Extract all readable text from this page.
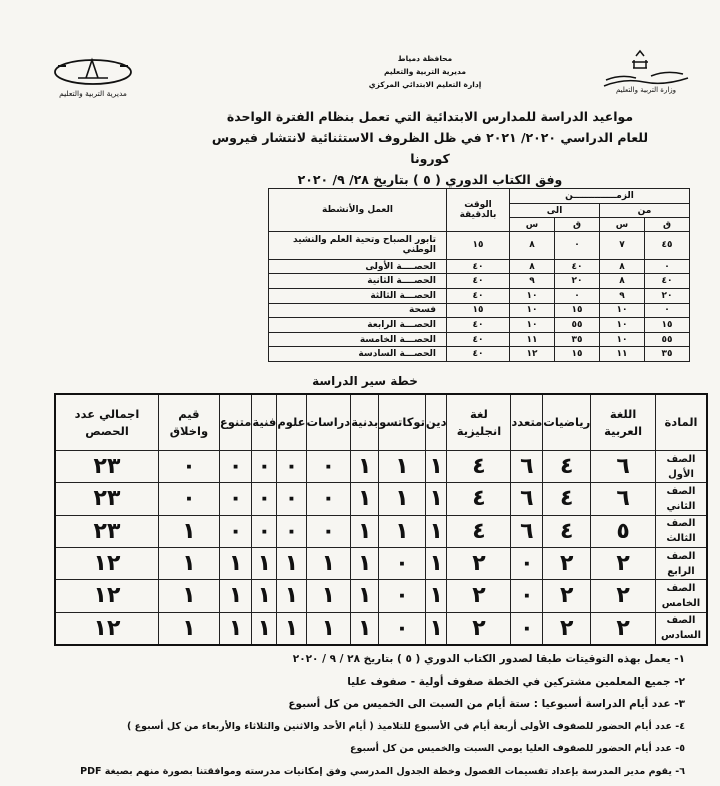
محافظة دمياط
مديرية التربية والتعليم
إدارة التعليم الابتدائي المركزي
وزارة التربية والتعليم
مديرية التربية والتعليم
مواعيد الدراسة للمدارس الابتدائية التي تعمل بنظام الفترة الواحدة
للعام الدراسي ٢٠٢٠/ ٢٠٢١ في ظل الظروف الاستثنائية لانتشار فيروس كورونا
وفق الكتاب الدوري ( ٥ ) بتاريخ ٢٨/ ٩/ ٢٠٢٠
الزمــــــــــــــن				الوقت
بالدقيقة	العمل والأنشطة
من		الى			
ق	س	ق	س		
٤٥	٧	٠	٨	١٥	تابور الصباح وتحية العلم والنشيد الوطني
٠	٨	٤٠	٨	٤٠	الحصــــة الأولى
٤٠	٨	٢٠	٩	٤٠	الحصــــة الثانية
٢٠	٩	٠	١٠	٤٠	الحصـــة الثالثة
٠	١٠	١٥	١٠	١٥	فسحة
١٥	١٠	٥٥	١٠	٤٠	الحصـــة الرابعة
٥٥	١٠	٣٥	١١	٤٠	الحصـــة الخامسة
٣٥	١١	١٥	١٢	٤٠	الحصـــة السادسة
خطة سير الدراسة
المادة	اللغة العربية	رياضيات	متعدد	لغة انجليزية	دين	توكاتسو	بدنية	دراسات	علوم	فنية	متنوع	قيم واخلاق	اجمالي عدد الحصص
الصف الأول	٦	٤	٦	٤	١	١	١	٠	٠	٠	٠	٠	٢٣
الصف الثاني	٦	٤	٦	٤	١	١	١	٠	٠	٠	٠	٠	٢٣
الصف الثالث	٥	٤	٦	٤	١	١	١	٠	٠	٠	٠	١	٢٣
الصف الرابع	٢	٢	٠	٢	١	٠	١	١	١	١	١	١	١٢
الصف الخامس	٢	٢	٠	٢	١	٠	١	١	١	١	١	١	١٢
الصف السادس	٢	٢	٠	٢	١	٠	١	١	١	١	١	١	١٢
١- يعمل بهذه التوقيتات طبقا لصدور الكتاب الدوري ( ٥ ) بتاريخ ٢٨ / ٩ / ٢٠٢٠
٢- جميع المعلمين مشتركين في الخطة صفوف أولية - صفوف عليا
٣- عدد أيام الدراسة أسبوعيا : ستة أيام من السبت الى الخميس من كل أسبوع
٤- عدد أيام الحضور للصفوف الأولى أربعة أيام في الأسبوع للتلاميذ ( أيام الأحد والاثنين والثلاثاء والأربعاء من كل أسبوع )
٥- عدد أيام الحضور للصفوف العليا يومي السبت والخميس من كل أسبوع
٦- يقوم مدير المدرسة بإعداد تقسيمات الفصول وخطة الجدول المدرسي وفق إمكانيات مدرسته وموافقتنا بصورة منهم بصيغة PDF
